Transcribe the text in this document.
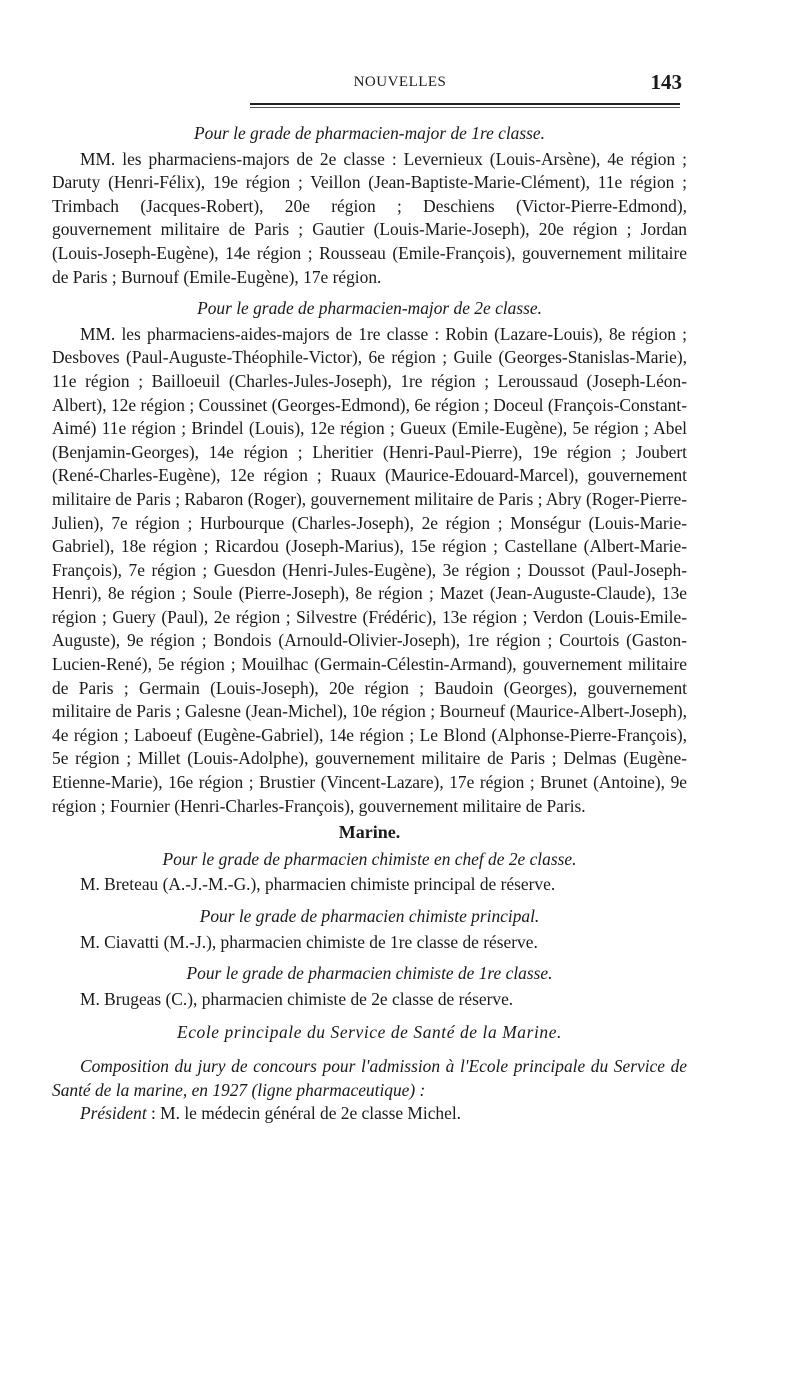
NOUVELLES	143

Pour le grade de pharmacien-major de 1re classe.

MM. les pharmaciens-majors de 2e classe : Levernieux (Louis-Arsène), 4e région ; Daruty (Henri-Félix), 19e région ; Veillon (Jean-Baptiste-Marie-Clément), 11e région ; Trimbach (Jacques-Robert), 20e région ; Deschiens (Victor-Pierre-Edmond), gouvernement militaire de Paris ; Gautier (Louis-Marie-Joseph), 20e région ; Jordan (Louis-Joseph-Eugène), 14e région ; Rousseau (Emile-François), gouvernement militaire de Paris ; Burnouf (Emile-Eugène), 17e région.

Pour le grade de pharmacien-major de 2e classe.

MM. les pharmaciens-aides-majors de 1re classe : Robin (Lazare-Louis), 8e région ; Desboves (Paul-Auguste-Théophile-Victor), 6e région ; Guile (Georges-Stanislas-Marie), 11e région ; Bailloeuil (Charles-Jules-Joseph), 1re région ; Leroussaud (Joseph-Léon-Albert), 12e région ; Coussinet (Georges-Edmond), 6e région ; Doceul (François-Constant-Aimé) 11e région ; Brindel (Louis), 12e région ; Gueux (Emile-Eugène), 5e région ; Abel (Benjamin-Georges), 14e région ; Lheritier (Henri-Paul-Pierre), 19e région ; Joubert (René-Charles-Eugène), 12e région ; Ruaux (Maurice-Edouard-Marcel), gouvernement militaire de Paris ; Rabaron (Roger), gouvernement militaire de Paris ; Abry (Roger-Pierre-Julien), 7e région ; Hurbourque (Charles-Joseph), 2e région ; Monségur (Louis-Marie-Gabriel), 18e région ; Ricardou (Joseph-Marius), 15e région ; Castellane (Albert-Marie-François), 7e région ; Guesdon (Henri-Jules-Eugène), 3e région ; Doussot (Paul-Joseph-Henri), 8e région ; Soule (Pierre-Joseph), 8e région ; Mazet (Jean-Auguste-Claude), 13e région ; Guery (Paul), 2e région ; Silvestre (Frédéric), 13e région ; Verdon (Louis-Emile-Auguste), 9e région ; Bondois (Arnould-Olivier-Joseph), 1re région ; Courtois (Gaston-Lucien-René), 5e région ; Mouilhac (Germain-Célestin-Armand), gouvernement militaire de Paris ; Germain (Louis-Joseph), 20e région ; Baudoin (Georges), gouvernement militaire de Paris ; Galesne (Jean-Michel), 10e région ; Bourneuf (Maurice-Albert-Joseph), 4e région ; Laboeuf (Eugène-Gabriel), 14e région ; Le Blond (Alphonse-Pierre-François), 5e région ; Millet (Louis-Adolphe), gouvernement militaire de Paris ; Delmas (Eugène-Etienne-Marie), 16e région ; Brustier (Vincent-Lazare), 17e région ; Brunet (Antoine), 9e région ; Fournier (Henri-Charles-François), gouvernement militaire de Paris.

Marine.

Pour le grade de pharmacien chimiste en chef de 2e classe.

M. Breteau (A.-J.-M.-G.), pharmacien chimiste principal de réserve.

Pour le grade de pharmacien chimiste principal.

M. Ciavatti (M.-J.), pharmacien chimiste de 1re classe de réserve.

Pour le grade de pharmacien chimiste de 1re classe.

M. Brugeas (C.), pharmacien chimiste de 2e classe de réserve.

Ecole principale du Service de Santé de la Marine.

Composition du jury de concours pour l'admission à l'Ecole principale du Service de Santé de la marine, en 1927 (ligne pharmaceutique) :

Président : M. le médecin général de 2e classe Michel.
